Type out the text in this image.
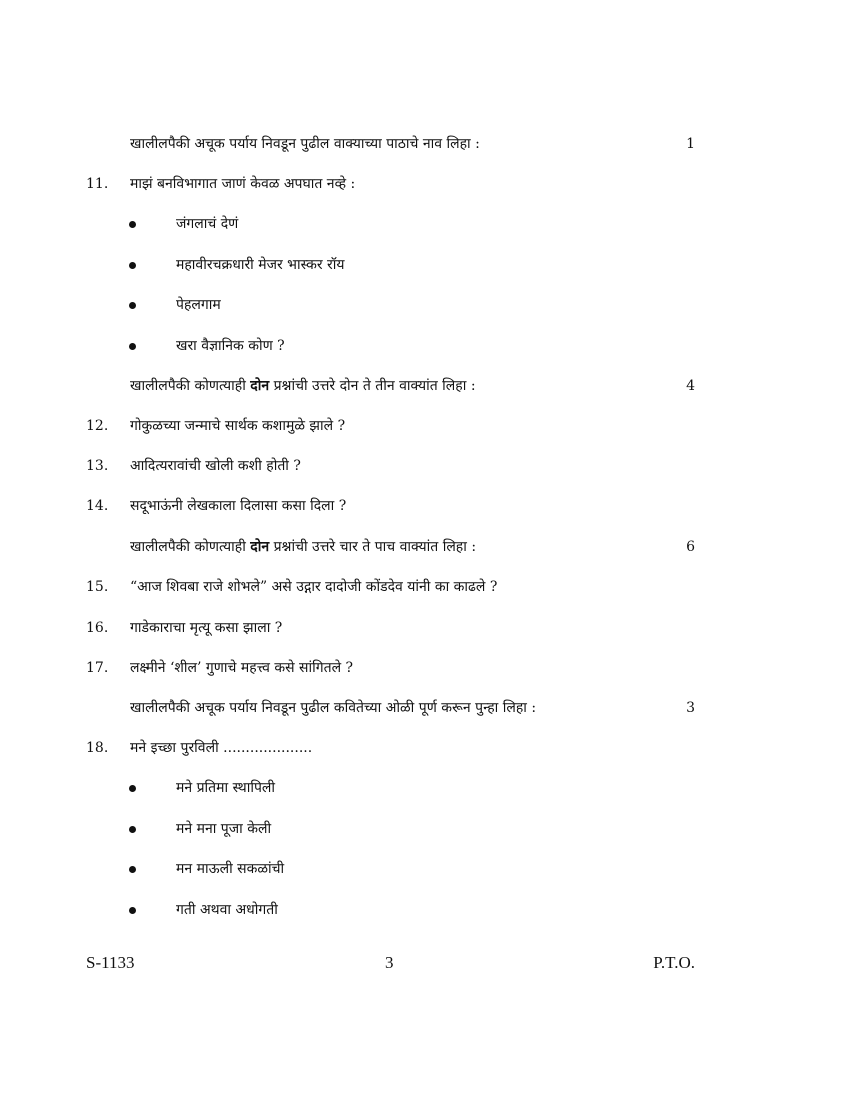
खालीलपैकी अचूक पर्याय निवडून पुढील वाक्याच्या पाठाचे नाव लिहा :	1
11. माझं बनविभागात जाणं केवळ अपघात नव्हे :
जंगलाचं देणं
महावीरचक्रधारी मेजर भास्कर रॉय
पेहलगाम
खरा वैज्ञानिक कोण ?
खालीलपैकी कोणत्याही दोन प्रश्नांची उत्तरे दोन ते तीन वाक्यांत लिहा :	4
12. गोकुळच्या जन्माचे सार्थक कशामुळे झाले ?
13. आदित्यरावांची खोली कशी होती ?
14. सदूभाऊंनी लेखकाला दिलासा कसा दिला ?
खालीलपैकी कोणत्याही दोन प्रश्नांची उत्तरे चार ते पाच वाक्यांत लिहा :	6
15. “आज शिवबा राजे शोभले” असे उद्गार दादोजी कोंडदेव यांनी का काढले ?
16. गाडेकाराचा मृत्यू कसा झाला ?
17. लक्ष्मीने ‘शील’ गुणाचे महत्त्व कसे सांगितले ?
खालीलपैकी अचूक पर्याय निवडून पुढील कवितेच्या ओळी पूर्ण करून पुन्हा लिहा :	3
18. मने इच्छा पुरविली ....................
मने प्रतिमा स्थापिली
मने मना पूजा केली
मन माऊली सकळांची
गती अथवा अधोगती
S-1133	3	P.T.O.
